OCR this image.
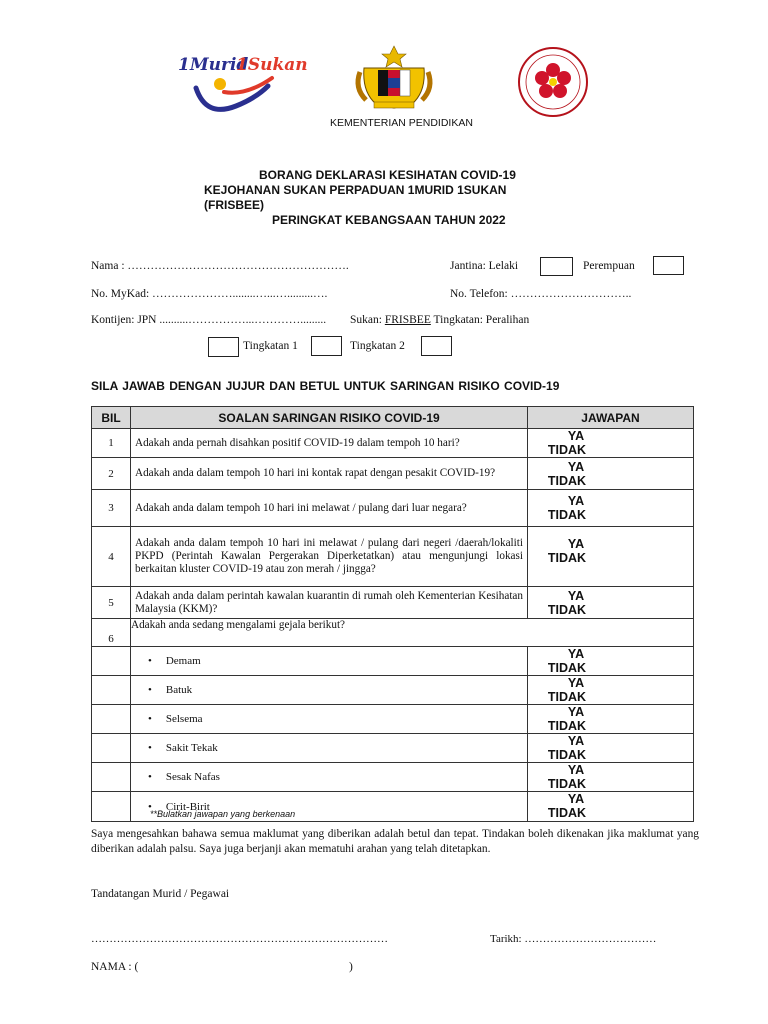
1Murid
1Sukan
KEMENTERIAN PENDIDIKAN
BORANG DEKLARASI KESIHATAN COVID-19
KEJOHANAN SUKAN PERPADUAN 1MURID 1SUKAN
(FRISBEE)
PERINGKAT KEBANGSAAN TAHUN 2022
Nama : ………………………………………………….	Jantina: Lelaki	Perempuan
No. MyKad: …………………........…...….........….	No. Telefon: …………………………..
Kontijen: JPN ..........……………...…………......... Sukan: FRISBEE Tingkatan: Peralihan
Tingkatan 1	Tingkatan 2
SILA JAWAB DENGAN JUJUR DAN BETUL UNTUK SARINGAN RISIKO COVID-19
BIL	SOALAN SARINGAN RISIKO COVID-19	JAWAPAN
1	Adakah anda pernah disahkan positif COVID-19 dalam tempoh 10 hari?	YATIDAK
2	Adakah anda dalam tempoh 10 hari ini kontak rapat dengan pesakit COVID-19?	YATIDAK
3	Adakah anda dalam tempoh 10 hari ini melawat / pulang dari luar negara?	YATIDAK
4	Adakah anda dalam tempoh 10 hari ini melawat / pulang dari negeri /daerah/lokaliti PKPD (Perintah Kawalan Pergerakan Diperketatkan) atau mengunjungi lokasi berkaitan kluster COVID-19 atau zon merah / jingga?	YATIDAK
5	Adakah anda dalam perintah kawalan kuarantin di rumah oleh Kementerian Kesihatan Malaysia (KKM)?	YATIDAK
6	Adakah anda sedang mengalami gejala berikut?	
	• Demam	YATIDAK
	• Batuk	YATIDAK
	• Selsema	YATIDAK
	• Sakit Tekak	YATIDAK
	• Sesak Nafas	YATIDAK
	• Cirit-Birit	YATIDAK
**Bulatkan jawapan yang berkenaan
Saya mengesahkan bahawa semua maklumat yang diberikan adalah betul dan tepat. Tindakan boleh dikenakan jika maklumat yang diberikan adalah palsu. Saya juga berjanji akan mematuhi arahan yang telah ditetapkan.
Tandatangan Murid / Pegawai
………………………………………………………………………	Tarikh: ………………………………
NAMA : (	)
